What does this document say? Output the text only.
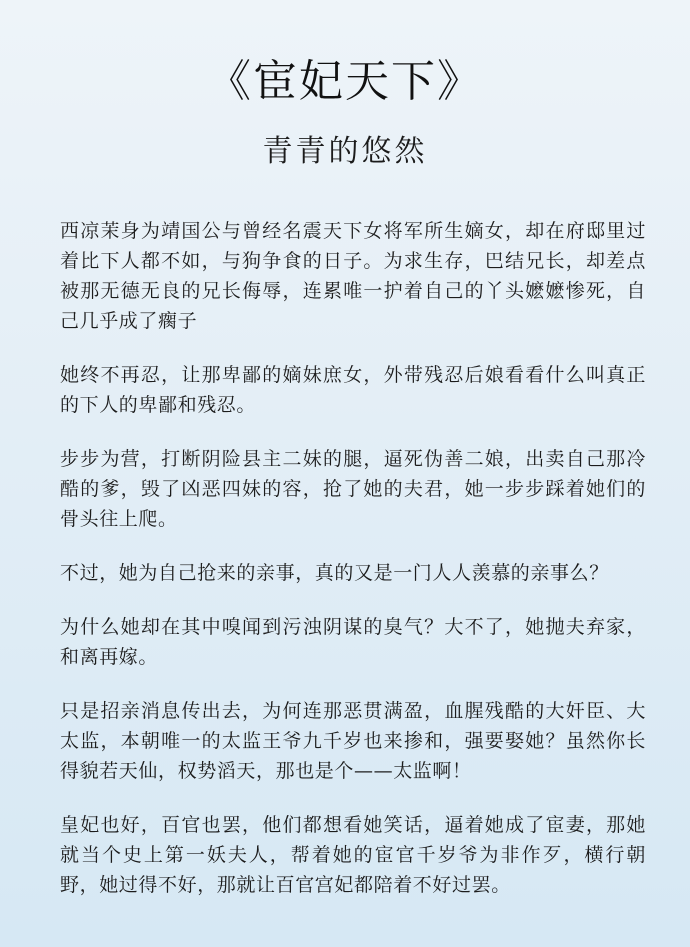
《宦妃天下》
青青的悠然

西凉茉身为靖国公与曾经名震天下女将军所生嫡女，却在府邸里过着比下人都不如，与狗争食的日子。为求生存，巴结兄长，却差点被那无德无良的兄长侮辱，连累唯一护着自己的丫头嬷嬷惨死，自己几乎成了瘸子

她终不再忍，让那卑鄙的嫡妹庶女，外带残忍后娘看看什么叫真正的下人的卑鄙和残忍。

步步为营，打断阴险县主二妹的腿，逼死伪善二娘，出卖自己那冷酷的爹，毁了凶恶四妹的容，抢了她的夫君，她一步步踩着她们的骨头往上爬。

不过，她为自己抢来的亲事，真的又是一门人人羡慕的亲事么？

为什么她却在其中嗅闻到污浊阴谋的臭气？大不了，她抛夫弃家，和离再嫁。

只是招亲消息传出去，为何连那恶贯满盈，血腥残酷的大奸臣、大太监，本朝唯一的太监王爷九千岁也来掺和，强要娶她？虽然你长得貌若天仙，权势滔天，那也是个——太监啊！

皇妃也好，百官也罢，他们都想看她笑话，逼着她成了宦妻，那她就当个史上第一妖夫人，帮着她的宦官千岁爷为非作歹，横行朝野，她过得不好，那就让百官宫妃都陪着不好过罢。
